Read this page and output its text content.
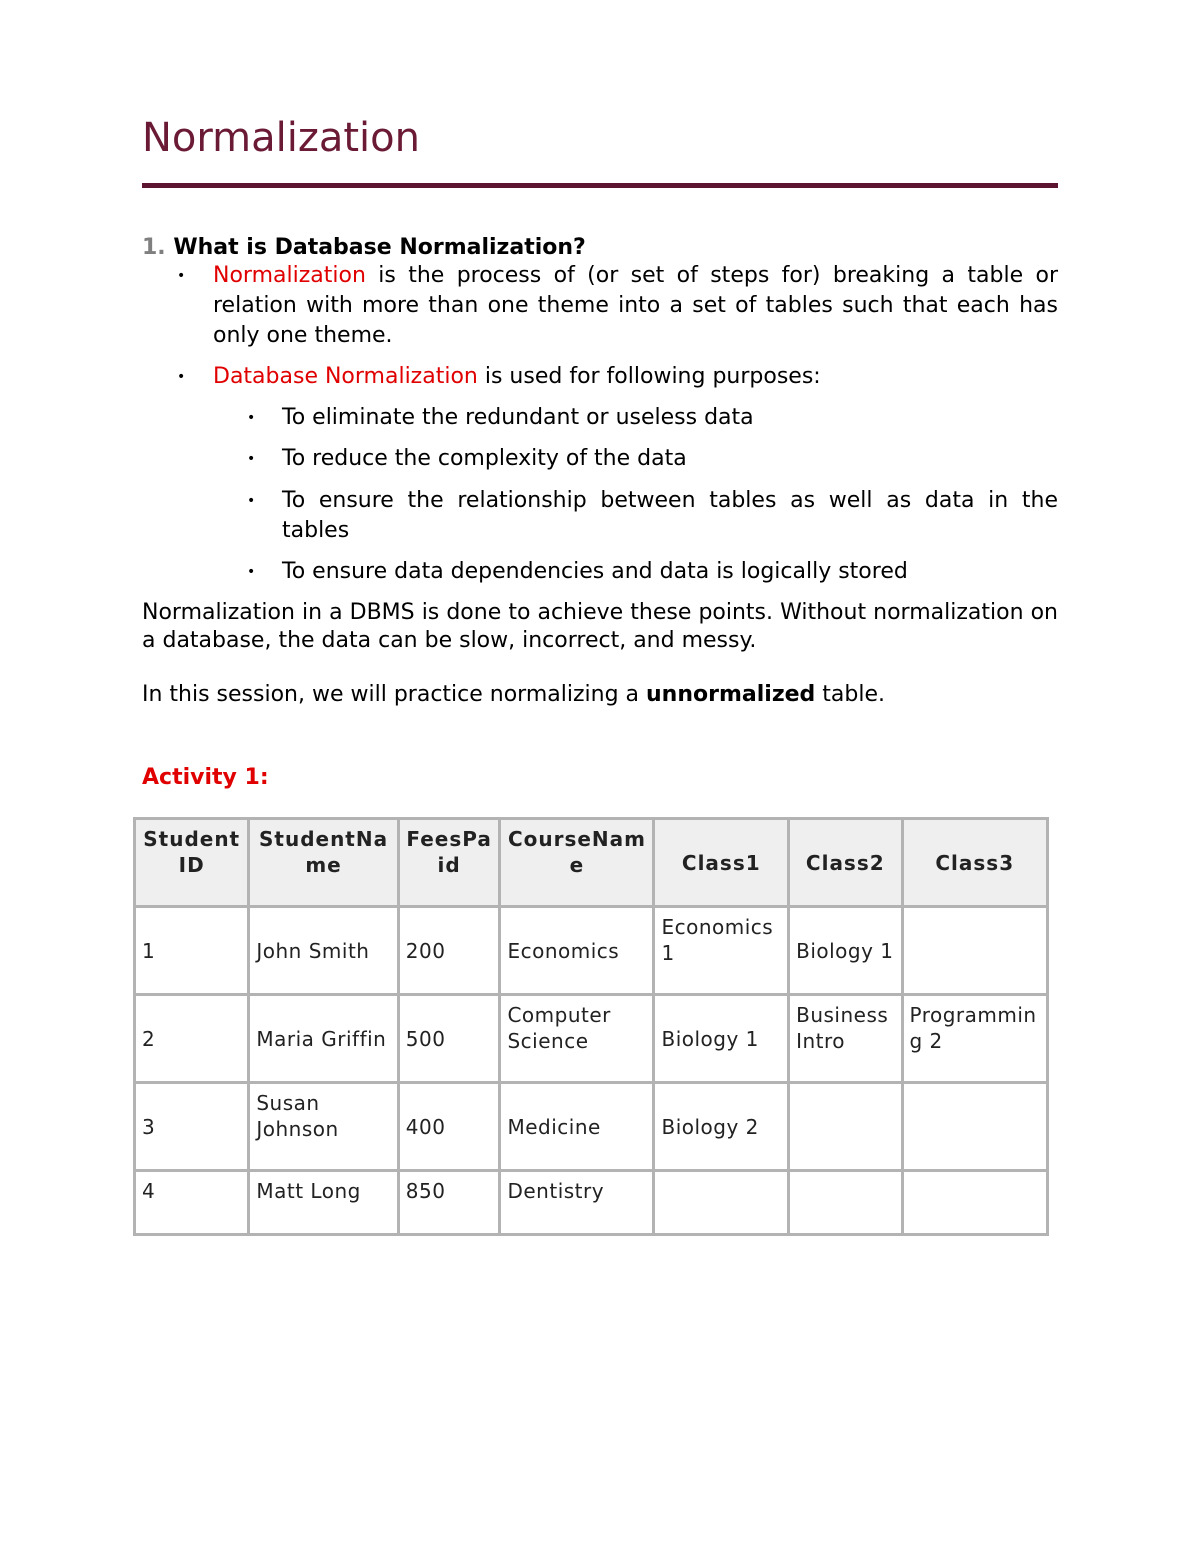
Normalization
1. What is Database Normalization?
• Normalization is the process of (or set of steps for) breaking a table or relation with more than one theme into a set of tables such that each has only one theme.
• Database Normalization is used for following purposes:
• To eliminate the redundant or useless data
• To reduce the complexity of the data
• To ensure the relationship between tables as well as data in the tables
• To ensure data dependencies and data is logically stored
Normalization in a DBMS is done to achieve these points. Without normalization on a database, the data can be slow, incorrect, and messy.
In this session, we will practice normalizing a unnormalized table.
Activity 1:
Student ID	StudentNa me	FeesPa id	CourseNam e	Class1	Class2	Class3
1	John Smith	200	Economics	Economics 1	Biology 1	
2	Maria Griffin	500	Computer Science	Biology 1	Business Intro	Programmin g 2
3	Susan Johnson	400	Medicine	Biology 2		
4	Matt Long	850	Dentistry			
